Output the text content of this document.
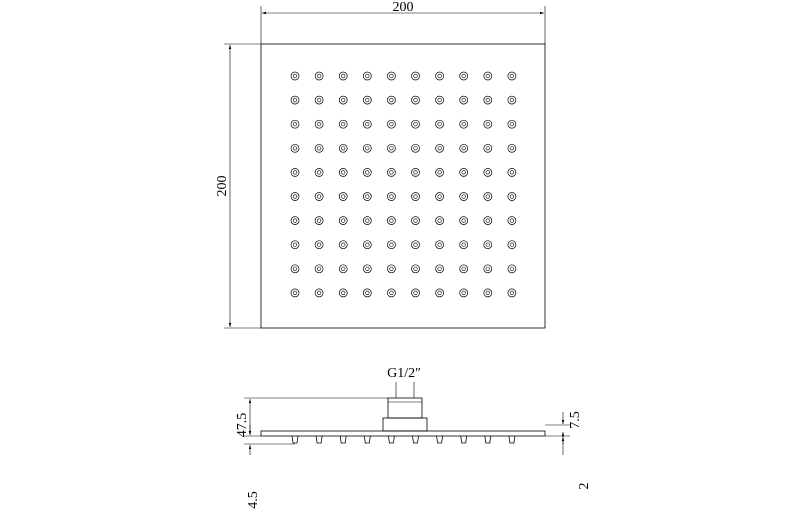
200
200
G1/2″
47.5
4.5
7.5
2
